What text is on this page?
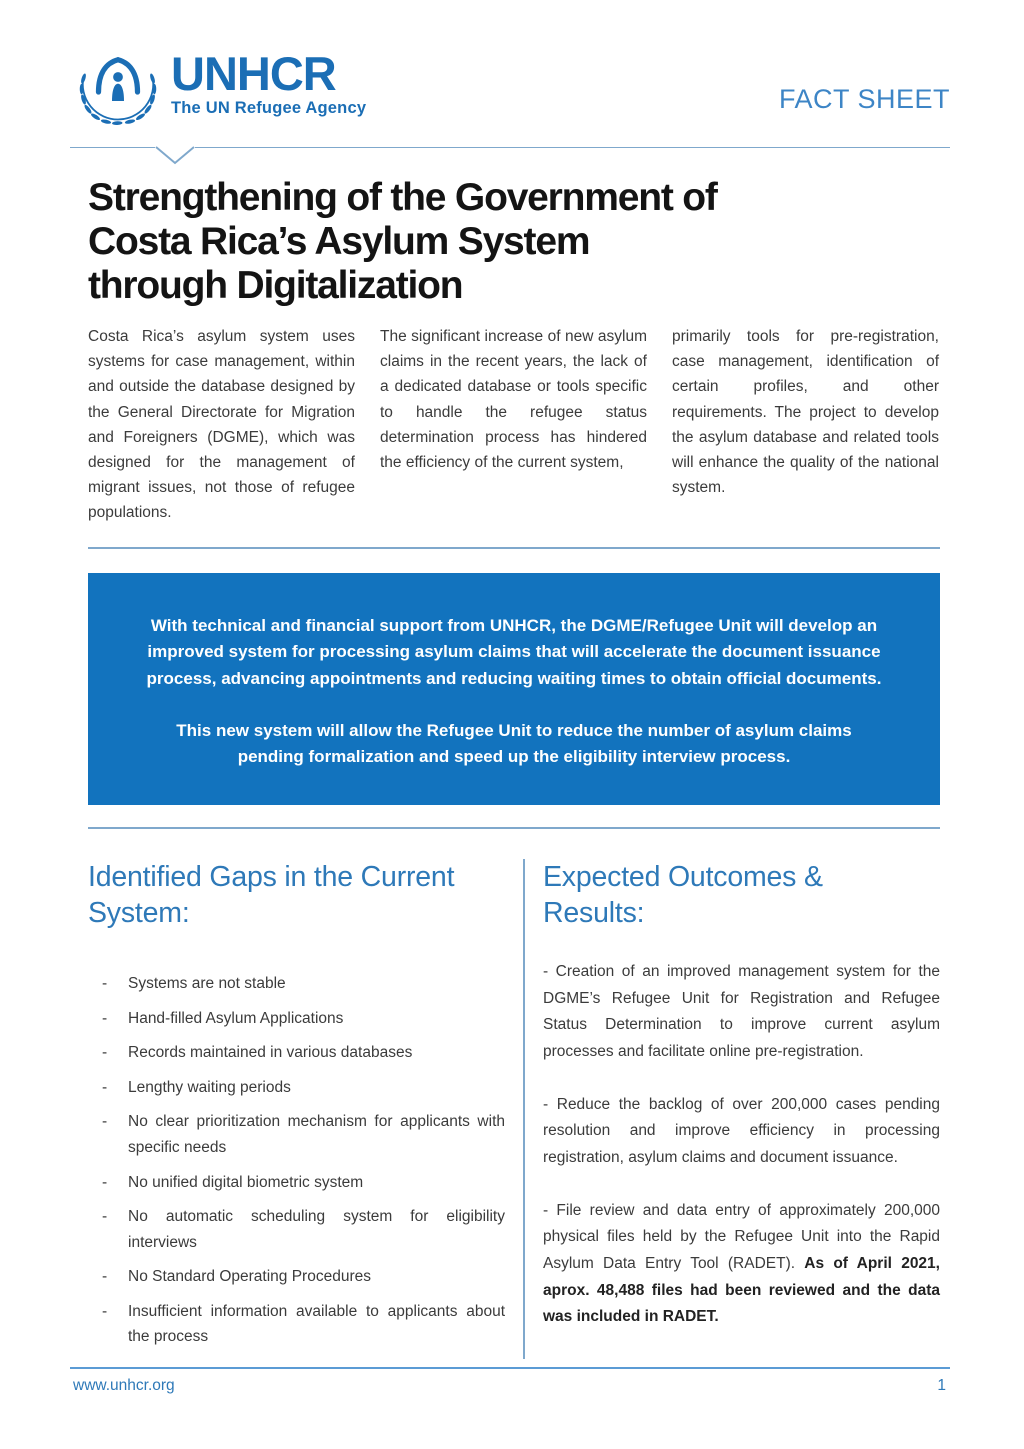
UNHCR
The UN Refugee Agency	FACT SHEET
Strengthening of the Government of
Costa Rica’s Asylum System
through Digitalization

Costa Rica’s asylum system uses systems for case management, within and outside the database designed by the General Directorate for Migration and Foreigners (DGME), which was designed for the management of migrant issues, not those of refugee populations.

The significant increase of new asylum claims in the recent years, the lack of a dedicated database or tools specific to handle the refugee status determination process has hindered the efficiency of the current system,

primarily tools for pre-registration, case management, identification of certain profiles, and other requirements. The project to develop the asylum database and related tools will enhance the quality of the national system.

With technical and financial support from UNHCR, the DGME/Refugee Unit will develop an improved system for processing asylum claims that will accelerate the document issuance process, advancing appointments and reducing waiting times to obtain official documents.

This new system will allow the Refugee Unit to reduce the number of asylum claims pending formalization and speed up the eligibility interview process.

Identified Gaps in the Current
System:
-	Systems are not stable
-	Hand-filled Asylum Applications
-	Records maintained in various databases
-	Lengthy waiting periods
-	No clear prioritization mechanism for applicants with specific needs
-	No unified digital biometric system
-	No automatic scheduling system for eligibility interviews
-	No Standard Operating Procedures
-	Insufficient information available to applicants about the process
Expected Outcomes &
Results:

- Creation of an improved management system for the DGME’s Refugee Unit for Registration and Refugee Status Determination to improve current asylum processes and facilitate online pre-registration.

- Reduce the backlog of over 200,000 cases pending resolution and improve efficiency in processing registration, asylum claims and document issuance.

- File review and data entry of approximately 200,000 physical files held by the Refugee Unit into the Rapid Asylum Data Entry Tool (RADET). As of April 2021, aprox. 48,488 files had been reviewed and the data was included in RADET.

www.unhcr.org	1
